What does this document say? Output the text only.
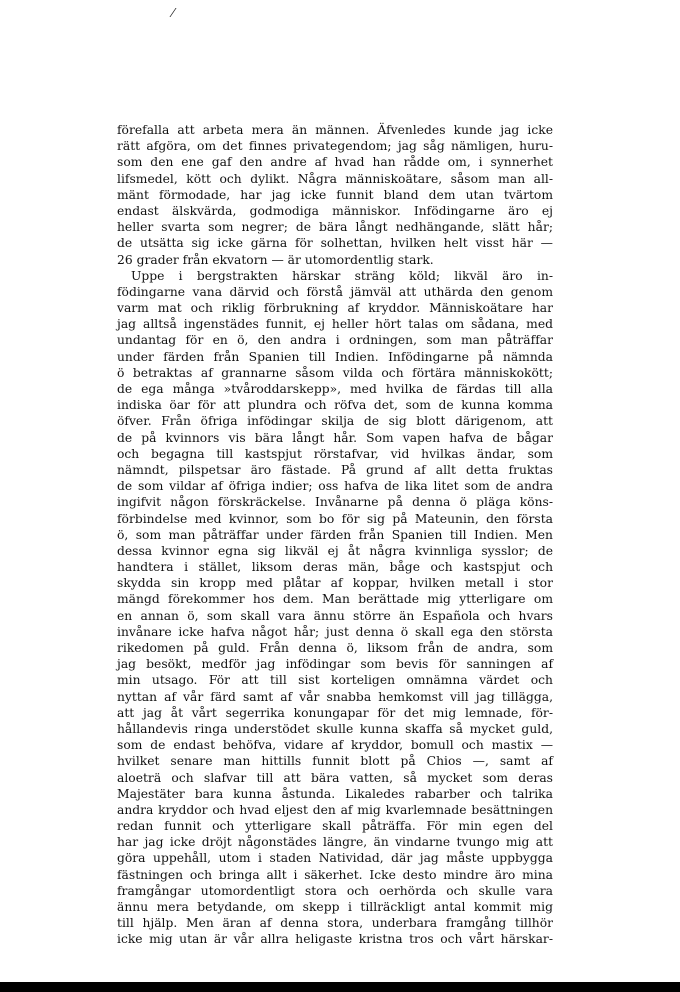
/
förefalla att arbeta mera än männen. Äfvenledes kunde jag icke
rätt afgöra, om det finnes privategendom; jag såg nämligen, huru-
som den ene gaf den andre af hvad han rådde om, i synnerhet
lifsmedel, kött och dylikt. Några människoätare, såsom man all-
mänt förmodade, har jag icke funnit bland dem utan tvärtom
endast älskvärda, godmodiga människor. Infödingarne äro ej
heller svarta som negrer; de bära långt nedhängande, slätt hår;
de utsätta sig icke gärna för solhettan, hvilken helt visst här —
26 grader från ekvatorn — är utomordentlig stark.
Uppe i bergstrakten härskar sträng köld; likväl äro in-
födingarne vana därvid och förstå jämväl att uthärda den genom
varm mat och riklig förbrukning af kryddor. Människoätare har
jag alltså ingenstädes funnit, ej heller hört talas om sådana, med
undantag för en ö, den andra i ordningen, som man påträffar
under färden från Spanien till Indien. Infödingarne på nämnda
ö betraktas af grannarne såsom vilda och förtära människokött;
de ega många »tvåroddarskepp», med hvilka de färdas till alla
indiska öar för att plundra och röfva det, som de kunna komma
öfver. Från öfriga infödingar skilja de sig blott därigenom, att
de på kvinnors vis bära långt hår. Som vapen hafva de bågar
och begagna till kastspjut rörstafvar, vid hvilkas ändar, som
nämndt, pilspetsar äro fästade. På grund af allt detta fruktas
de som vildar af öfriga indier; oss hafva de lika litet som de andra
ingifvit någon förskräckelse. Invånarne på denna ö pläga köns-
förbindelse med kvinnor, som bo för sig på Mateunin, den första
ö, som man påträffar under färden från Spanien till Indien. Men
dessa kvinnor egna sig likväl ej åt några kvinnliga sysslor; de
handtera i stället, liksom deras män, båge och kastspjut och
skydda sin kropp med plåtar af koppar, hvilken metall i stor
mängd förekommer hos dem. Man berättade mig ytterligare om
en annan ö, som skall vara ännu större än Española och hvars
invånare icke hafva något hår; just denna ö skall ega den största
rikedomen på guld. Från denna ö, liksom från de andra, som
jag besökt, medför jag infödingar som bevis för sanningen af
min utsago. För att till sist korteligen omnämna värdet och
nyttan af vår färd samt af vår snabba hemkomst vill jag tillägga,
att jag åt vårt segerrika konungapar för det mig lemnade, för-
hållandevis ringa understödet skulle kunna skaffa så mycket guld,
som de endast behöfva, vidare af kryddor, bomull och mastix —
hvilket senare man hittills funnit blott på Chios —, samt af
aloeträ och slafvar till att bära vatten, så mycket som deras
Majestäter bara kunna åstunda. Likaledes rabarber och talrika
andra kryddor och hvad eljest den af mig kvarlemnade besättningen
redan funnit och ytterligare skall påträffa. För min egen del
har jag icke dröjt någonstädes längre, än vindarne tvungo mig att
göra uppehåll, utom i staden Natividad, där jag måste uppbygga
fästningen och bringa allt i säkerhet. Icke desto mindre äro mina
framgångar utomordentligt stora och oerhörda och skulle vara
ännu mera betydande, om skepp i tillräckligt antal kommit mig
till hjälp. Men äran af denna stora, underbara framgång tillhör
icke mig utan är vår allra heligaste kristna tros och vårt härskar-
